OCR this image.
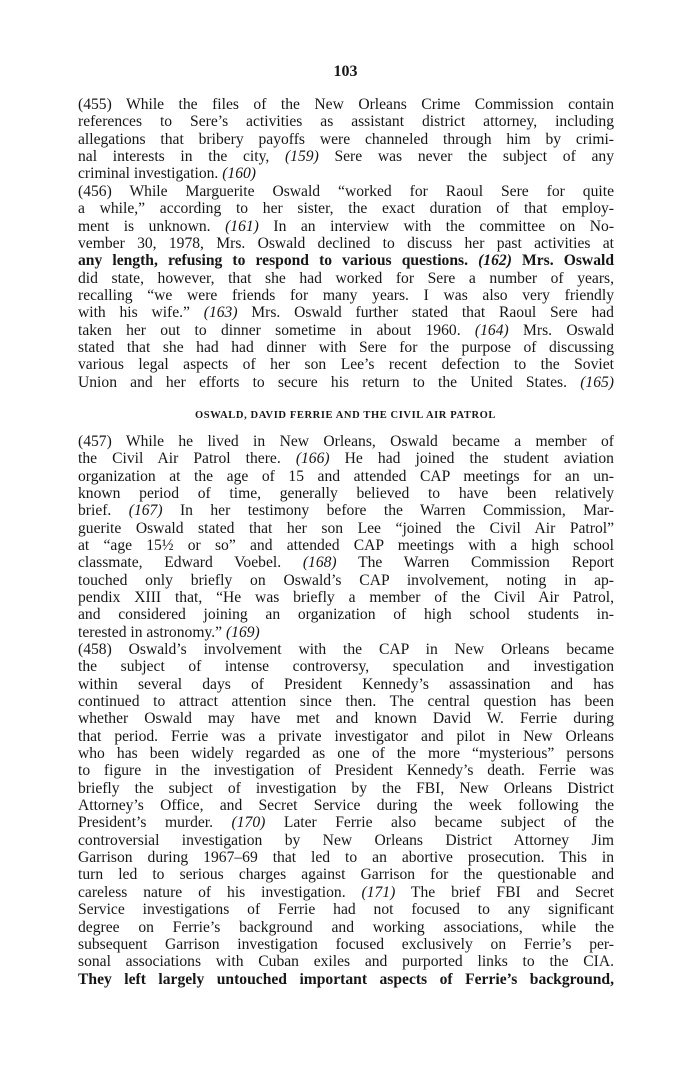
103
(455) While the files of the New Orleans Crime Commission contain
references to Sere’s activities as assistant district attorney, including
allegations that bribery payoffs were channeled through him by crimi-
nal interests in the city, (159) Sere was never the subject of any
criminal investigation. (160)
(456) While Marguerite Oswald “worked for Raoul Sere for quite
a while,” according to her sister, the exact duration of that employ-
ment is unknown. (161) In an interview with the committee on No-
vember 30, 1978, Mrs. Oswald declined to discuss her past activities at
any length, refusing to respond to various questions. (162) Mrs. Oswald
did state, however, that she had worked for Sere a number of years,
recalling “we were friends for many years. I was also very friendly
with his wife.” (163) Mrs. Oswald further stated that Raoul Sere had
taken her out to dinner sometime in about 1960. (164) Mrs. Oswald
stated that she had had dinner with Sere for the purpose of discussing
various legal aspects of her son Lee’s recent defection to the Soviet
Union and her efforts to secure his return to the United States. (165)
OSWALD, DAVID FERRIE AND THE CIVIL AIR PATROL
(457) While he lived in New Orleans, Oswald became a member of
the Civil Air Patrol there. (166) He had joined the student aviation
organization at the age of 15 and attended CAP meetings for an un-
known period of time, generally believed to have been relatively
brief. (167) In her testimony before the Warren Commission, Mar-
guerite Oswald stated that her son Lee “joined the Civil Air Patrol”
at “age 15½ or so” and attended CAP meetings with a high school
classmate, Edward Voebel. (168) The Warren Commission Report
touched only briefly on Oswald’s CAP involvement, noting in ap-
pendix XIII that, “He was briefly a member of the Civil Air Patrol,
and considered joining an organization of high school students in-
terested in astronomy.” (169)
(458) Oswald’s involvement with the CAP in New Orleans became
the subject of intense controversy, speculation and investigation
within several days of President Kennedy’s assassination and has
continued to attract attention since then. The central question has been
whether Oswald may have met and known David W. Ferrie during
that period. Ferrie was a private investigator and pilot in New Orleans
who has been widely regarded as one of the more “mysterious” persons
to figure in the investigation of President Kennedy’s death. Ferrie was
briefly the subject of investigation by the FBI, New Orleans District
Attorney’s Office, and Secret Service during the week following the
President’s murder. (170) Later Ferrie also became subject of the
controversial investigation by New Orleans District Attorney Jim
Garrison during 1967–69 that led to an abortive prosecution. This in
turn led to serious charges against Garrison for the questionable and
careless nature of his investigation. (171) The brief FBI and Secret
Service investigations of Ferrie had not focused to any significant
degree on Ferrie’s background and working associations, while the
subsequent Garrison investigation focused exclusively on Ferrie’s per-
sonal associations with Cuban exiles and purported links to the CIA.
They left largely untouched important aspects of Ferrie’s background,
